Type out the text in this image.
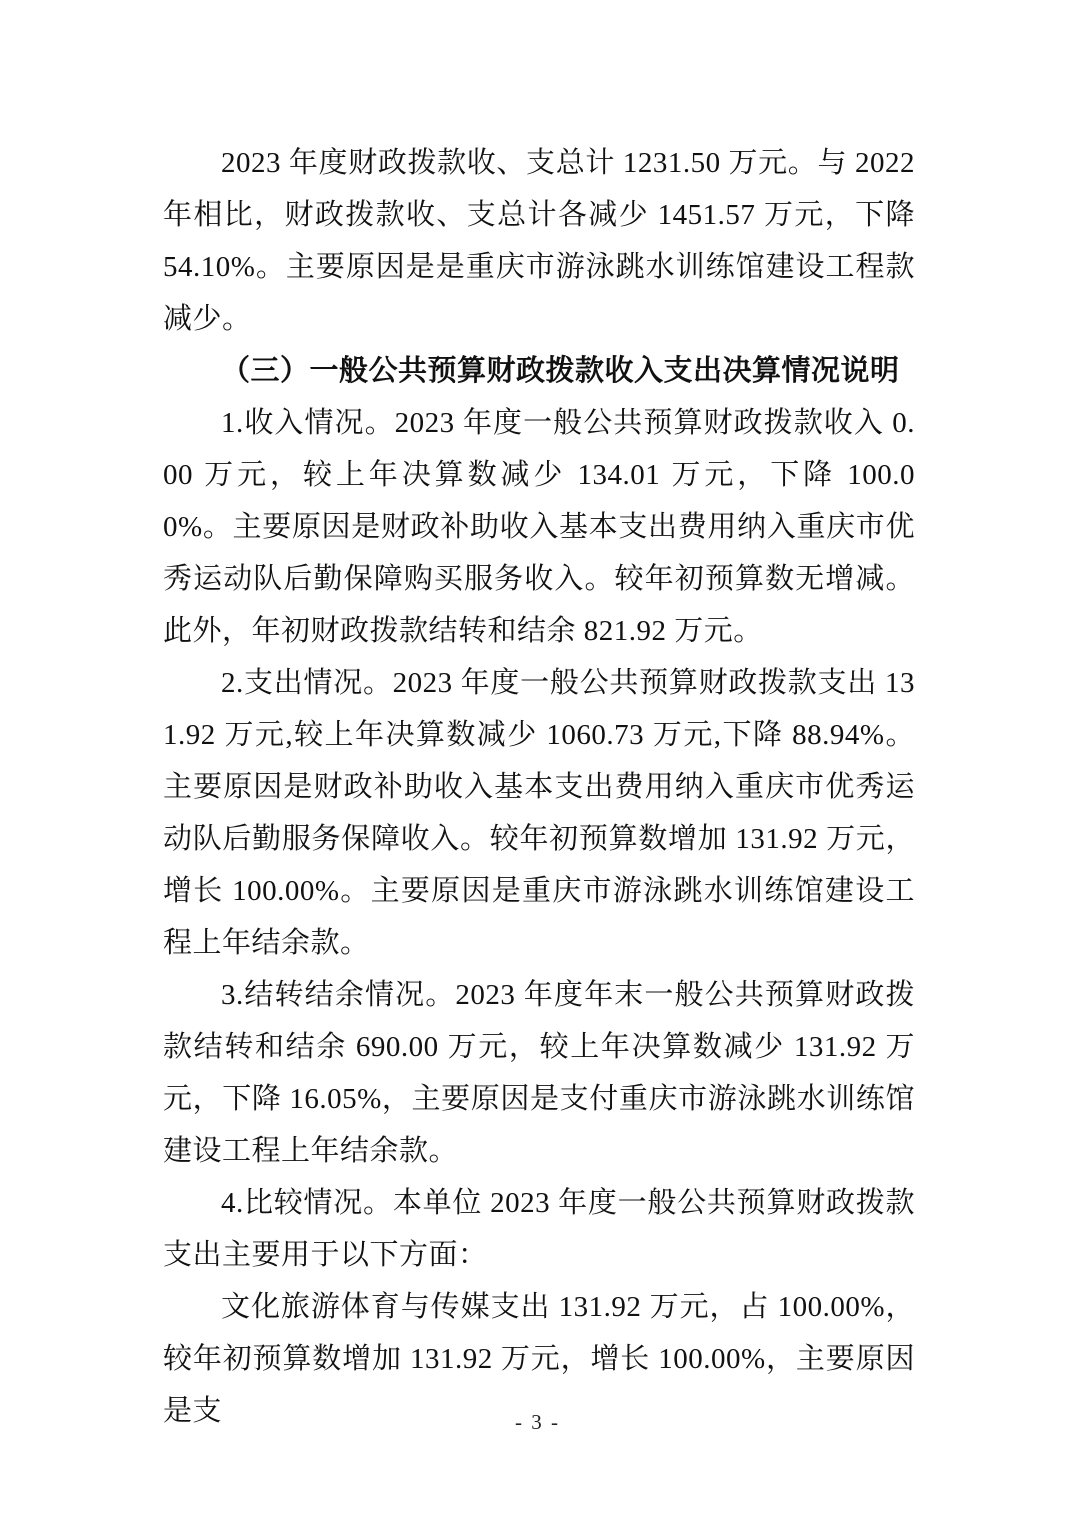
2023 年度财政拨款收、支总计 1231.50 万元。与 2022 年相比，财政拨款收、支总计各减少 1451.57 万元，下降 54.10%。主要原因是是重庆市游泳跳水训练馆建设工程款减少。

（三）一般公共预算财政拨款收入支出决算情况说明

1.收入情况。2023 年度一般公共预算财政拨款收入 0.00 万元，较上年决算数减少 134.01 万元，下降 100.00%。主要原因是财政补助收入基本支出费用纳入重庆市优秀运动队后勤保障购买服务收入。较年初预算数无增减。此外，年初财政拨款结转和结余 821.92 万元。

2.支出情况。2023 年度一般公共预算财政拨款支出 131.92 万元,较上年决算数减少 1060.73 万元,下降 88.94%。主要原因是财政补助收入基本支出费用纳入重庆市优秀运动队后勤服务保障收入。较年初预算数增加 131.92 万元，增长 100.00%。主要原因是重庆市游泳跳水训练馆建设工程上年结余款。

3.结转结余情况。2023 年度年末一般公共预算财政拨款结转和结余 690.00 万元，较上年决算数减少 131.92 万元，下降 16.05%，主要原因是支付重庆市游泳跳水训练馆建设工程上年结余款。

4.比较情况。本单位 2023 年度一般公共预算财政拨款支出主要用于以下方面：

文化旅游体育与传媒支出 131.92 万元，占 100.00%，较年初预算数增加 131.92 万元，增长 100.00%，主要原因是支	- 3 -
